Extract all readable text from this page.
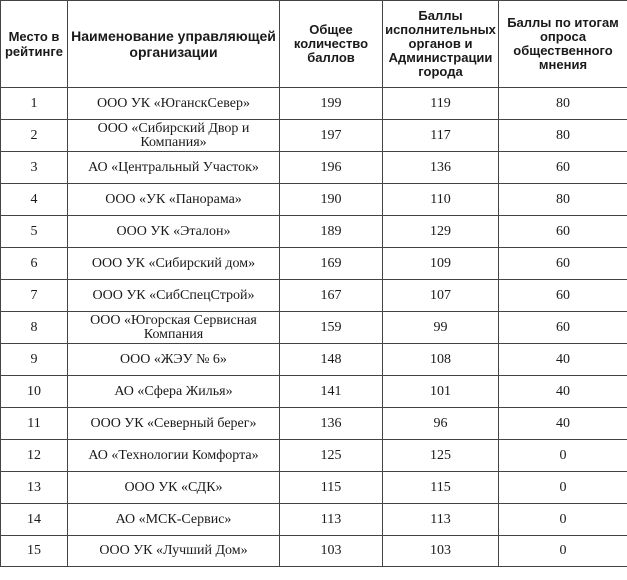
Место в рейтинге	Наименование управляющей организации	Общее количество баллов	Баллы исполнительных органов и Администрации города	Баллы по итогам опроса общественного мнения
1	ООО УК «ЮганскСевер»	199	119	80
2	ООО «Сибирский Двор и Компания»	197	117	80
3	АО «Центральный Участок»	196	136	60
4	ООО «УК «Панорама»	190	110	80
5	ООО УК «Эталон»	189	129	60
6	ООО УК «Сибирский дом»	169	109	60
7	ООО УК «СибСпецСтрой»	167	107	60
8	ООО «Югорская Сервисная Компания	159	99	60
9	ООО «ЖЭУ № 6»	148	108	40
10	АО «Сфера Жилья»	141	101	40
11	ООО УК «Северный берег»	136	96	40
12	АО «Технологии Комфорта»	125	125	0
13	ООО УК «СДК»	115	115	0
14	АО «МСК-Сервис»	113	113	0
15	ООО УК «Лучший Дом»	103	103	0
